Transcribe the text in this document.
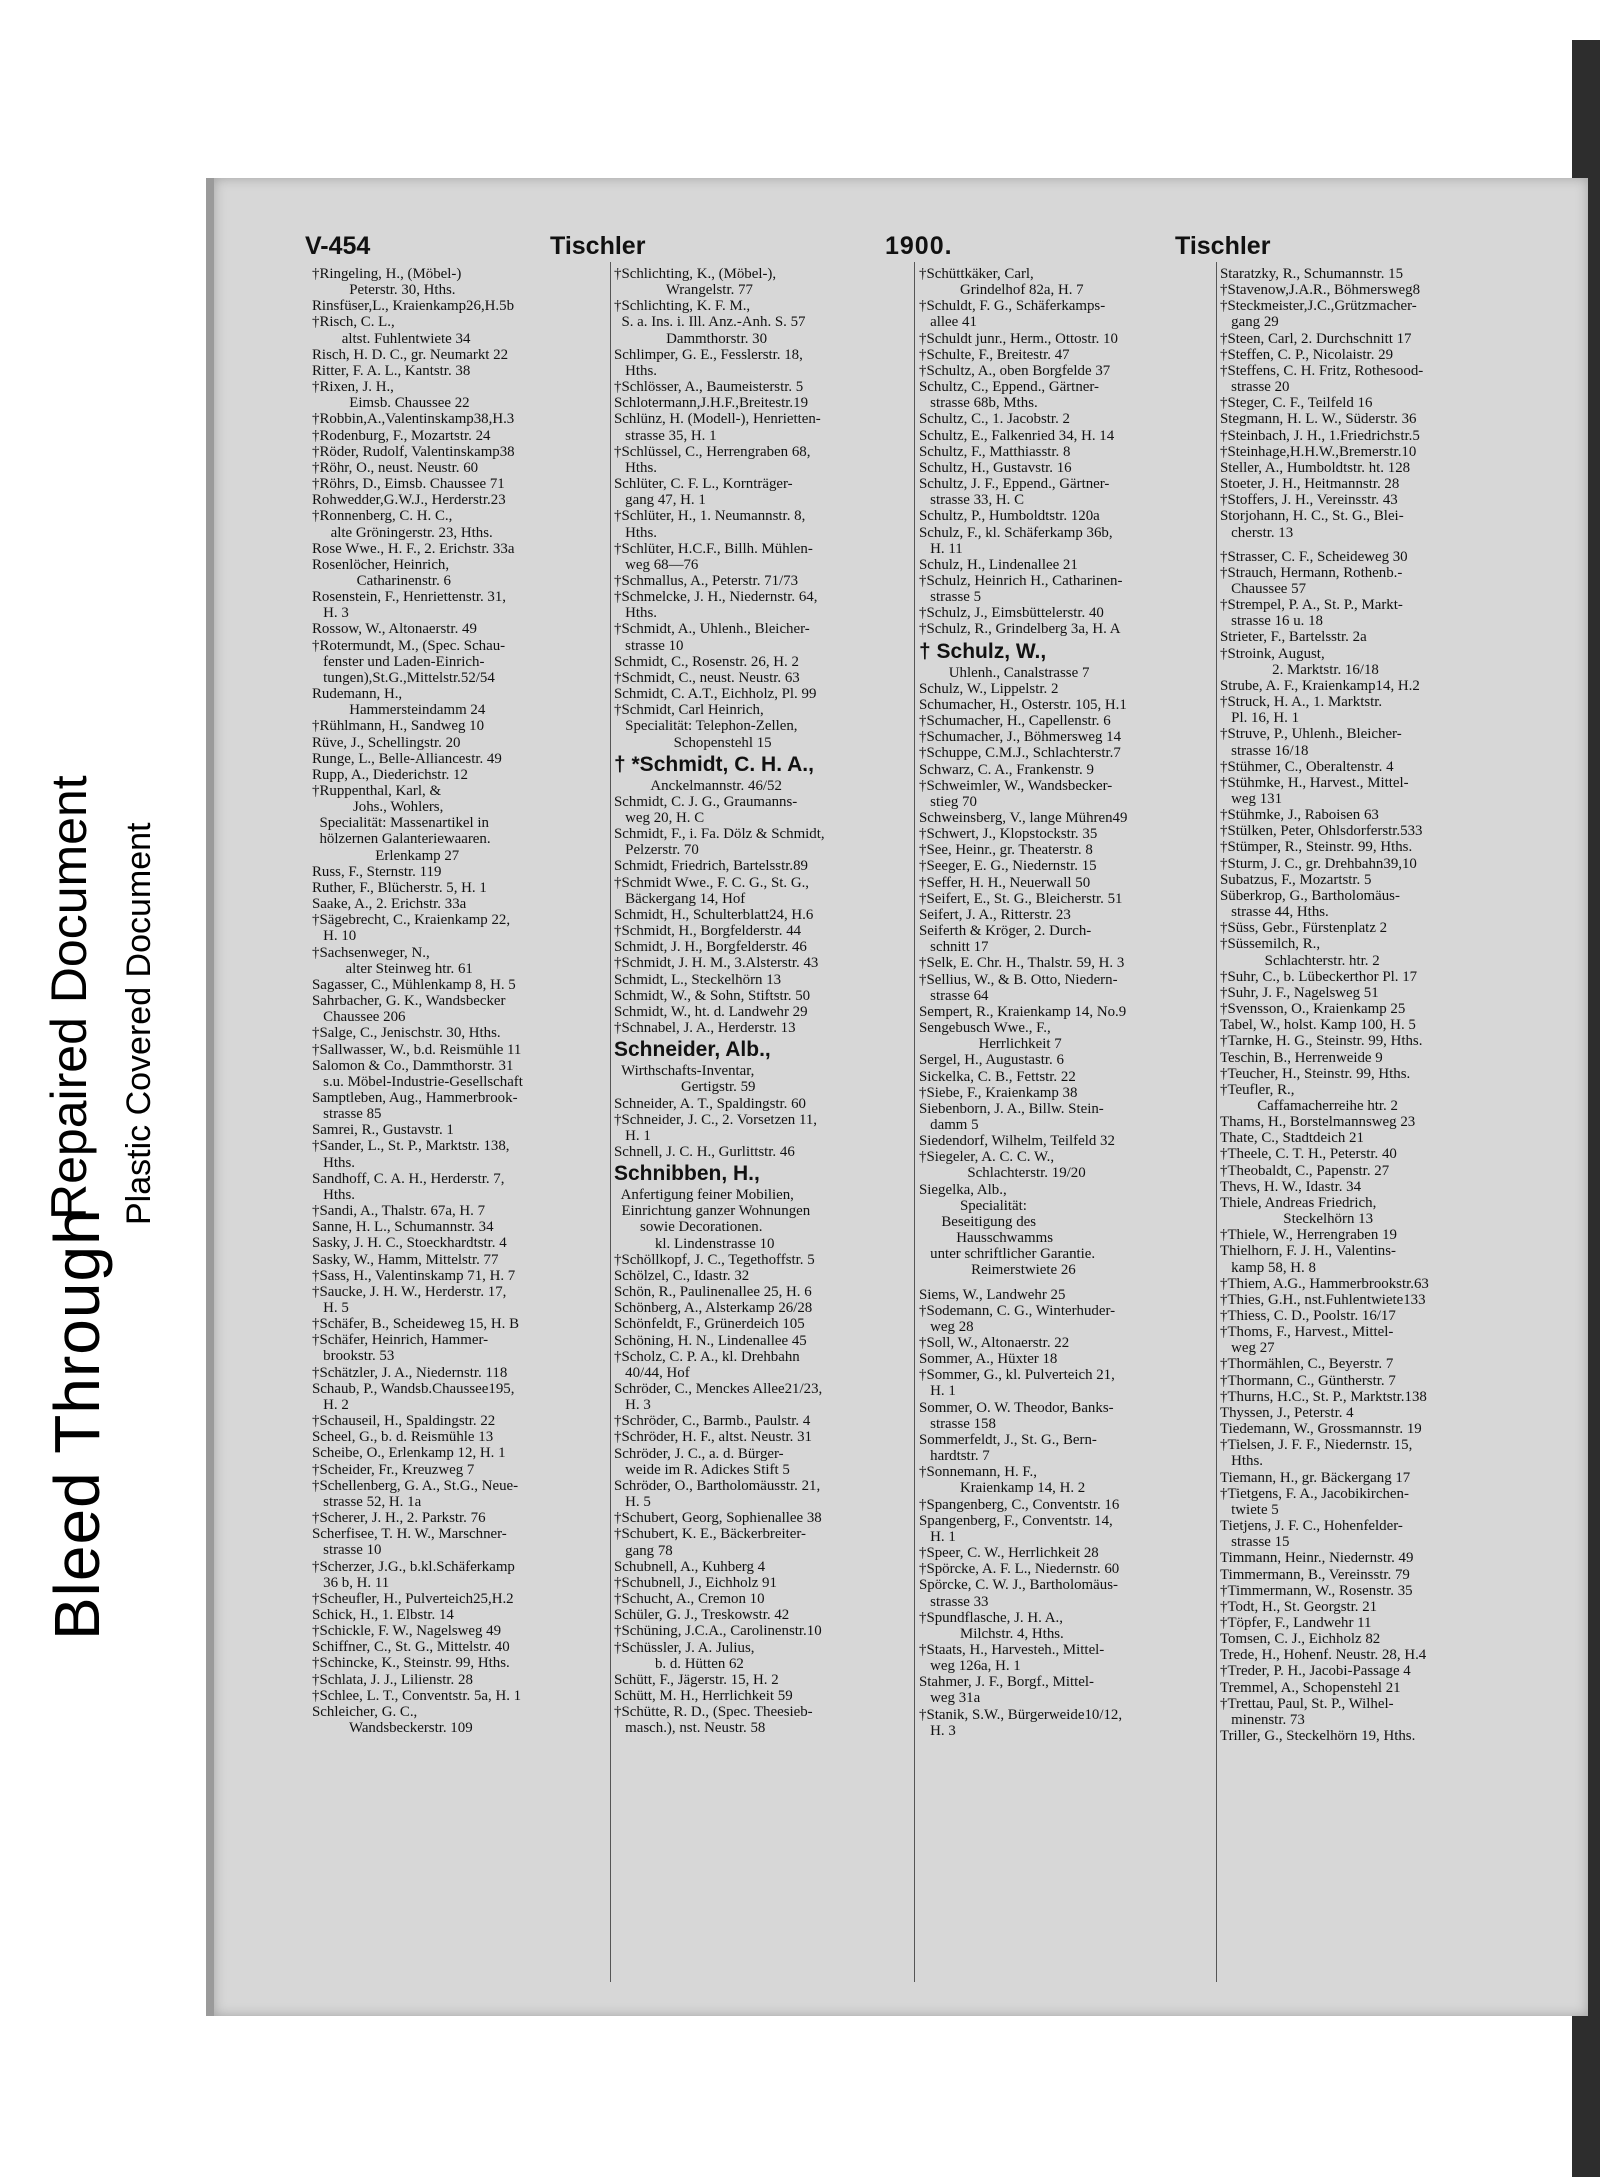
Bleed Through
Repaired Document Plastic Covered Document
V-454	Tischler	1900.	Tischler
†Ringeling, H., (Möbel-)
Peterstr. 30, Hths.
Rinsfüser,L., Kraienkamp26,H.5b
†Risch, C. L.,
altst. Fuhlentwiete 34
Risch, H. D. C., gr. Neumarkt 22
Ritter, F. A. L., Kantstr. 38
†Rixen, J. H.,
Eimsb. Chaussee 22
†Robbin,A.,Valentinskamp38,H.3
†Rodenburg, F., Mozartstr. 24
†Röder, Rudolf, Valentinskamp38
†Röhr, O., neust. Neustr. 60
†Röhrs, D., Eimsb. Chaussee 71
Rohwedder,G.W.J., Herderstr.23
†Ronnenberg, C. H. C.,
alte Gröningerstr. 23, Hths.
Rose Wwe., H. F., 2. Erichstr. 33a
Rosenlöcher, Heinrich,
Catharinenstr. 6
Rosenstein, F., Henriettenstr. 31,
H. 3
Rossow, W., Altonaerstr. 49
†Rotermundt, M., (Spec. Schau-
fenster und Laden-Einrich-
tungen),St.G.,Mittelstr.52/54
Rudemann, H.,
Hammersteindamm 24
†Rühlmann, H., Sandweg 10
Rüve, J., Schellingstr. 20
Runge, L., Belle-Alliancestr. 49
Rupp, A., Diederichstr. 12
†Ruppenthal, Karl, &
Johs., Wohlers,
Specialität: Massenartikel in
hölzernen Galanteriewaaren.
Erlenkamp 27
Russ, F., Sternstr. 119
Ruther, F., Blücherstr. 5, H. 1
Saake, A., 2. Erichstr. 33a
†Sägebrecht, C., Kraienkamp 22,
H. 10
†Sachsenweger, N.,
alter Steinweg htr. 61
Sagasser, C., Mühlenkamp 8, H. 5
Sahrbacher, G. K., Wandsbecker
Chaussee 206
†Salge, C., Jenischstr. 30, Hths.
†Sallwasser, W., b.d. Reismühle 11
Salomon & Co., Dammthorstr. 31
s.u. Möbel-Industrie-Gesellschaft
Samptleben, Aug., Hammerbrook-
strasse 85
Samrei, R., Gustavstr. 1
†Sander, L., St. P., Marktstr. 138,
Hths.
Sandhoff, C. A. H., Herderstr. 7,
Hths.
†Sandi, A., Thalstr. 67a, H. 7
Sanne, H. L., Schumannstr. 34
Sasky, J. H. C., Stoeckhardtstr. 4
Sasky, W., Hamm, Mittelstr. 77
†Sass, H., Valentinskamp 71, H. 7
†Saucke, J. H. W., Herderstr. 17,
H. 5
†Schäfer, B., Scheideweg 15, H. B
†Schäfer, Heinrich, Hammer-
brookstr. 53
†Schätzler, J. A., Niedernstr. 118
Schaub, P., Wandsb.Chaussee195,
H. 2
†Schauseil, H., Spaldingstr. 22
Scheel, G., b. d. Reismühle 13
Scheibe, O., Erlenkamp 12, H. 1
†Scheider, Fr., Kreuzweg 7
†Schellenberg, G. A., St.G., Neue-
strasse 52, H. 1a
†Scherer, J. H., 2. Parkstr. 76
Scherfisee, T. H. W., Marschner-
strasse 10
†Scherzer, J.G., b.kl.Schäferkamp
36 b, H. 11
†Scheufler, H., Pulverteich25,H.2
Schick, H., 1. Elbstr. 14
†Schickle, F. W., Nagelsweg 49
Schiffner, C., St. G., Mittelstr. 40
†Schincke, K., Steinstr. 99, Hths.
†Schlata, J. J., Lilienstr. 28
†Schlee, L. T., Conventstr. 5a, H. 1
Schleicher, G. C.,
Wandsbeckerstr. 109
†Schlichting, K., (Möbel-),
Wrangelstr. 77
†Schlichting, K. F. M.,
S. a. Ins. i. Ill. Anz.-Anh. S. 57
Dammthorstr. 30
Schlimper, G. E., Fesslerstr. 18,
Hths.
†Schlösser, A., Baumeisterstr. 5
Schlotermann,J.H.F.,Breitestr.19
Schlünz, H. (Modell-), Henrietten-
strasse 35, H. 1
†Schlüssel, C., Herrengraben 68,
Hths.
Schlüter, C. F. L., Kornträger-
gang 47, H. 1
†Schlüter, H., 1. Neumannstr. 8,
Hths.
†Schlüter, H.C.F., Billh. Mühlen-
weg 68—76
†Schmallus, A., Peterstr. 71/73
†Schmelcke, J. H., Niedernstr. 64,
Hths.
†Schmidt, A., Uhlenh., Bleicher-
strasse 10
Schmidt, C., Rosenstr. 26, H. 2
†Schmidt, C., neust. Neustr. 63
Schmidt, C. A.T., Eichholz, Pl. 99
†Schmidt, Carl Heinrich,
Specialität: Telephon-Zellen,
Schopenstehl 15
† *Schmidt, C. H. A.,
Anckelmannstr. 46/52
Schmidt, C. J. G., Graumanns-
weg 20, H. C
Schmidt, F., i. Fa. Dölz & Schmidt,
Pelzerstr. 70
Schmidt, Friedrich, Bartelsstr.89
†Schmidt Wwe., F. C. G., St. G.,
Bäckergang 14, Hof
Schmidt, H., Schulterblatt24, H.6
†Schmidt, H., Borgfelderstr. 44
Schmidt, J. H., Borgfelderstr. 46
†Schmidt, J. H. M., 3.Alsterstr. 43
Schmidt, L., Steckelhörn 13
Schmidt, W., & Sohn, Stiftstr. 50
Schmidt, W., ht. d. Landwehr 29
†Schnabel, J. A., Herderstr. 13
Schneider, Alb.,
Wirthschafts-Inventar,
Gertigstr. 59
Schneider, A. T., Spaldingstr. 60
†Schneider, J. C., 2. Vorsetzen 11,
H. 1
Schnell, J. C. H., Gurlittstr. 46
Schnibben, H.,
Anfertigung feiner Mobilien,
Einrichtung ganzer Wohnungen
sowie Decorationen.
kl. Lindenstrasse 10
†Schöllkopf, J. C., Tegethoffstr. 5
Schölzel, C., Idastr. 32
Schön, R., Paulinenallee 25, H. 6
Schönberg, A., Alsterkamp 26/28
Schönfeldt, F., Grünerdeich 105
Schöning, H. N., Lindenallee 45
†Scholz, C. P. A., kl. Drehbahn
40/44, Hof
Schröder, C., Menckes Allee21/23,
H. 3
†Schröder, C., Barmb., Paulstr. 4
†Schröder, H. F., altst. Neustr. 31
Schröder, J. C., a. d. Bürger-
weide im R. Adickes Stift 5
Schröder, O., Bartholomäusstr. 21,
H. 5
†Schubert, Georg, Sophienallee 38
†Schubert, K. E., Bäckerbreiter-
gang 78
Schubnell, A., Kuhberg 4
†Schubnell, J., Eichholz 91
†Schucht, A., Cremon 10
Schüler, G. J., Treskowstr. 42
†Schüning, J.C.A., Carolinenstr.10
†Schüssler, J. A. Julius,
b. d. Hütten 62
Schütt, F., Jägerstr. 15, H. 2
Schütt, M. H., Herrlichkeit 59
†Schütte, R. D., (Spec. Theesieb-
masch.), nst. Neustr. 58
†Schüttkäker, Carl,
Grindelhof 82a, H. 7
†Schuldt, F. G., Schäferkamps-
allee 41
†Schuldt junr., Herm., Ottostr. 10
†Schulte, F., Breitestr. 47
†Schultz, A., oben Borgfelde 37
Schultz, C., Eppend., Gärtner-
strasse 68b, Mths.
Schultz, C., 1. Jacobstr. 2
Schultz, E., Falkenried 34, H. 14
Schultz, F., Matthiasstr. 8
Schultz, H., Gustavstr. 16
Schultz, J. F., Eppend., Gärtner-
strasse 33, H. C
Schultz, P., Humboldtstr. 120a
Schulz, F., kl. Schäferkamp 36b,
H. 11
Schulz, H., Lindenallee 21
†Schulz, Heinrich H., Catharinen-
strasse 5
†Schulz, J., Eimsbüttelerstr. 40
†Schulz, R., Grindelberg 3a, H. A
† Schulz, W.,
Uhlenh., Canalstrasse 7
Schulz, W., Lippelstr. 2
Schumacher, H., Osterstr. 105, H.1
†Schumacher, H., Capellenstr. 6
†Schumacher, J., Böhmersweg 14
†Schuppe, C.M.J., Schlachterstr.7
Schwarz, C. A., Frankenstr. 9
†Schweimler, W., Wandsbecker-
stieg 70
Schweinsberg, V., lange Mühren49
†Schwert, J., Klopstockstr. 35
†See, Heinr., gr. Theaterstr. 8
†Seeger, E. G., Niedernstr. 15
†Seffer, H. H., Neuerwall 50
†Seifert, E., St. G., Bleicherstr. 51
Seifert, J. A., Ritterstr. 23
Seiferth & Kröger, 2. Durch-
schnitt 17
†Selk, E. Chr. H., Thalstr. 59, H. 3
†Sellius, W., & B. Otto, Niedern-
strasse 64
Sempert, R., Kraienkamp 14, No.9
Sengebusch Wwe., F.,
Herrlichkeit 7
Sergel, H., Augustastr. 6
Sickelka, C. B., Fettstr. 22
†Siebe, F., Kraienkamp 38
Siebenborn, J. A., Billw. Stein-
damm 5
Siedendorf, Wilhelm, Teilfeld 32
†Siegeler, A. C. C. W.,
Schlachterstr. 19/20
Siegelka, Alb.,
Specialität:
Beseitigung des
Hausschwamms
unter schriftlicher Garantie.
Reimerstwiete 26
Siems, W., Landwehr 25
†Sodemann, C. G., Winterhuder-
weg 28
†Soll, W., Altonaerstr. 22
Sommer, A., Hüxter 18
†Sommer, G., kl. Pulverteich 21,
H. 1
Sommer, O. W. Theodor, Banks-
strasse 158
Sommerfeldt, J., St. G., Bern-
hardtstr. 7
†Sonnemann, H. F.,
Kraienkamp 14, H. 2
†Spangenberg, C., Conventstr. 16
Spangenberg, F., Conventstr. 14,
H. 1
†Speer, C. W., Herrlichkeit 28
†Spörcke, A. F. L., Niedernstr. 60
Spörcke, C. W. J., Bartholomäus-
strasse 33
†Spundflasche, J. H. A.,
Milchstr. 4, Hths.
†Staats, H., Harvesteh., Mittel-
weg 126a, H. 1
Stahmer, J. F., Borgf., Mittel-
weg 31a
†Stanik, S.W., Bürgerweide10/12,
H. 3
Staratzky, R., Schumannstr. 15
†Stavenow,J.A.R., Böhmersweg8
†Steckmeister,J.C.,Grützmacher-
gang 29
†Steen, Carl, 2. Durchschnitt 17
†Steffen, C. P., Nicolaistr. 29
†Steffens, C. H. Fritz, Rothesood-
strasse 20
†Steger, C. F., Teilfeld 16
Stegmann, H. L. W., Süderstr. 36
†Steinbach, J. H., 1.Friedrichstr.5
†Steinhage,H.H.W.,Bremerstr.10
Steller, A., Humboldtstr. ht. 128
Stoeter, J. H., Heitmannstr. 28
†Stoffers, J. H., Vereinsstr. 43
Storjohann, H. C., St. G., Blei-
cherstr. 13
†Strasser, C. F., Scheideweg 30
†Strauch, Hermann, Rothenb.-
Chaussee 57
†Strempel, P. A., St. P., Markt-
strasse 16 u. 18
Strieter, F., Bartelsstr. 2a
†Stroink, August,
2. Marktstr. 16/18
Strube, A. F., Kraienkamp14, H.2
†Struck, H. A., 1. Marktstr.
Pl. 16, H. 1
†Struve, P., Uhlenh., Bleicher-
strasse 16/18
†Stühmer, C., Oberaltenstr. 4
†Stühmke, H., Harvest., Mittel-
weg 131
†Stühmke, J., Raboisen 63
†Stülken, Peter, Ohlsdorferstr.533
†Stümper, R., Steinstr. 99, Hths.
†Sturm, J. C., gr. Drehbahn39,10
Subatzus, F., Mozartstr. 5
Süberkrop, G., Bartholomäus-
strasse 44, Hths.
†Süss, Gebr., Fürstenplatz 2
†Süssemilch, R.,
Schlachterstr. htr. 2
†Suhr, C., b. Lübeckerthor Pl. 17
†Suhr, J. F., Nagelsweg 51
†Svensson, O., Kraienkamp 25
Tabel, W., holst. Kamp 100, H. 5
†Tarnke, H. G., Steinstr. 99, Hths.
Teschin, B., Herrenweide 9
†Teucher, H., Steinstr. 99, Hths.
†Teufler, R.,
Caffamacherreihe htr. 2
Thams, H., Borstelmannsweg 23
Thate, C., Stadtdeich 21
†Theele, C. T. H., Peterstr. 40
†Theobaldt, C., Papenstr. 27
Thevs, H. W., Idastr. 34
Thiele, Andreas Friedrich,
Steckelhörn 13
†Thiele, W., Herrengraben 19
Thielhorn, F. J. H., Valentins-
kamp 58, H. 8
†Thiem, A.G., Hammerbrookstr.63
†Thies, G.H., nst.Fuhlentwiete133
†Thiess, C. D., Poolstr. 16/17
†Thoms, F., Harvest., Mittel-
weg 27
†Thormählen, C., Beyerstr. 7
†Thormann, C., Güntherstr. 7
†Thurns, H.C., St. P., Marktstr.138
Thyssen, J., Peterstr. 4
Tiedemann, W., Grossmannstr. 19
†Tielsen, J. F. F., Niedernstr. 15,
Hths.
Tiemann, H., gr. Bäckergang 17
†Tietgens, F. A., Jacobikirchen-
twiete 5
Tietjens, J. F. C., Hohenfelder-
strasse 15
Timmann, Heinr., Niedernstr. 49
Timmermann, B., Vereinsstr. 79
†Timmermann, W., Rosenstr. 35
†Todt, H., St. Georgstr. 21
†Töpfer, F., Landwehr 11
Tomsen, C. J., Eichholz 82
Trede, H., Hohenf. Neustr. 28, H.4
†Treder, P. H., Jacobi-Passage 4
Tremmel, A., Schopenstehl 21
†Trettau, Paul, St. P., Wilhel-
minenstr. 73
Triller, G., Steckelhörn 19, Hths.
